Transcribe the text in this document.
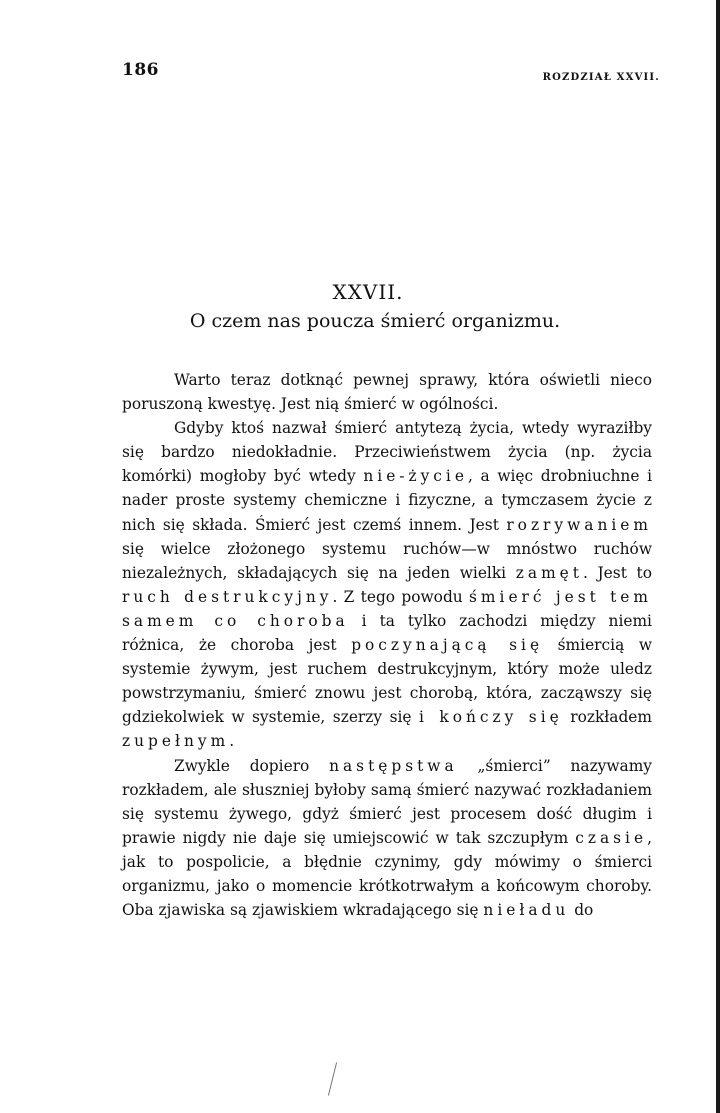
186	ROZDZIAŁ XXVII.
XXVII.
O czem nas poucza śmierć organizmu.

Warto teraz dotknąć pewnej sprawy, która oświetli nieco poruszoną kwestyę. Jest nią śmierć w ogólności.

Gdyby ktoś nazwał śmierć antytezą życia, wtedy wyraziłby się bardzo niedokładnie. Przeciwieństwem życia (np. życia komórki) mogłoby być wtedy nie-życie, a więc drobniuchne i nader proste systemy chemiczne i fizyczne, a tymczasem życie z nich się składa. Śmierć jest czemś innem. Jest rozrywaniem się wielce złożonego systemu ruchów—w mnóstwo ruchów niezależnych, składających się na jeden wielki zamęt. Jest to ruch destrukcyjny. Z tego powodu śmierć jest tem samem co choroba i ta tylko zachodzi między niemi różnica, że choroba jest poczynającą się śmiercią w systemie żywym, jest ruchem destrukcyjnym, który może uledz powstrzymaniu, śmierć znowu jest chorobą, która, zacząwszy się gdziekolwiek w systemie, szerzy się i kończy się rozkładem zupełnym.

Zwykle dopiero następstwa „śmierci” nazywamy rozkładem, ale słuszniej byłoby samą śmierć nazywać rozkładaniem się systemu żywego, gdyż śmierć jest procesem dość długim i prawie nigdy nie daje się umiejscowić w tak szczupłym czasie, jak to pospolicie, a błędnie czynimy, gdy mówimy o śmierci organizmu, jako o momencie krótkotrwałym a końcowym choroby. Oba zjawiska są zjawiskiem wkradającego się nieładu do
